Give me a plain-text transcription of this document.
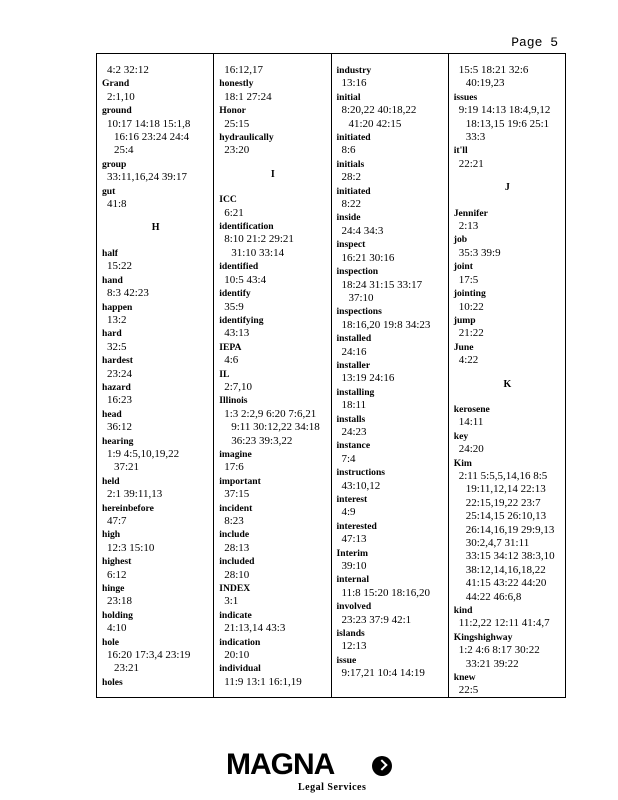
Page 5
4:2 32:12
Grand
2:1,10
ground
10:17 14:18 15:1,8
16:16 23:24 24:4
25:4
group
33:11,16,24 39:17
gut
41:8
H
half
15:22
hand
8:3 42:23
happen
13:2
hard
32:5
hardest
23:24
hazard
16:23
head
36:12
hearing
1:9 4:5,10,19,22
37:21
held
2:1 39:11,13
hereinbefore
47:7
high
12:3 15:10
highest
6:12
hinge
23:18
holding
4:10
hole
16:20 17:3,4 23:19
23:21
holes
16:12,17
honestly
18:1 27:24
Honor
25:15
hydraulically
23:20
I
ICC
6:21
identification
8:10 21:2 29:21
31:10 33:14
identified
10:5 43:4
identify
35:9
identifying
43:13
IEPA
4:6
IL
2:7,10
Illinois
1:3 2:2,9 6:20 7:6,21
9:11 30:12,22 34:18
36:23 39:3,22
imagine
17:6
important
37:15
incident
8:23
include
28:13
included
28:10
INDEX
3:1
indicate
21:13,14 43:3
indication
20:10
individual
11:9 13:1 16:1,19
industry
13:16
initial
8:20,22 40:18,22
41:20 42:15
initiated
8:6
initials
28:2
initiated
8:22
inside
24:4 34:3
inspect
16:21 30:16
inspection
18:24 31:15 33:17
37:10
inspections
18:16,20 19:8 34:23
installed
24:16
installer
13:19 24:16
installing
18:11
installs
24:23
instance
7:4
instructions
43:10,12
interest
4:9
interested
47:13
Interim
39:10
internal
11:8 15:20 18:16,20
involved
23:23 37:9 42:1
islands
12:13
issue
9:17,21 10:4 14:19
15:5 18:21 32:6
40:19,23
issues
9:19 14:13 18:4,9,12
18:13,15 19:6 25:1
33:3
it'll
22:21
J
Jennifer
2:13
job
35:3 39:9
joint
17:5
jointing
10:22
jump
21:22
June
4:22
K
kerosene
14:11
key
24:20
Kim
2:11 5:5,5,14,16 8:5
19:11,12,14 22:13
22:15,19,22 23:7
25:14,15 26:10,13
26:14,16,19 29:9,13
30:2,4,7 31:11
33:15 34:12 38:3,10
38:12,14,16,18,22
41:15 43:22 44:20
44:22 46:6,8
kind
11:2,22 12:11 41:4,7
Kingshighway
1:2 4:6 8:17 30:22
33:21 39:22
knew
22:5
MAGNA
Legal Services
